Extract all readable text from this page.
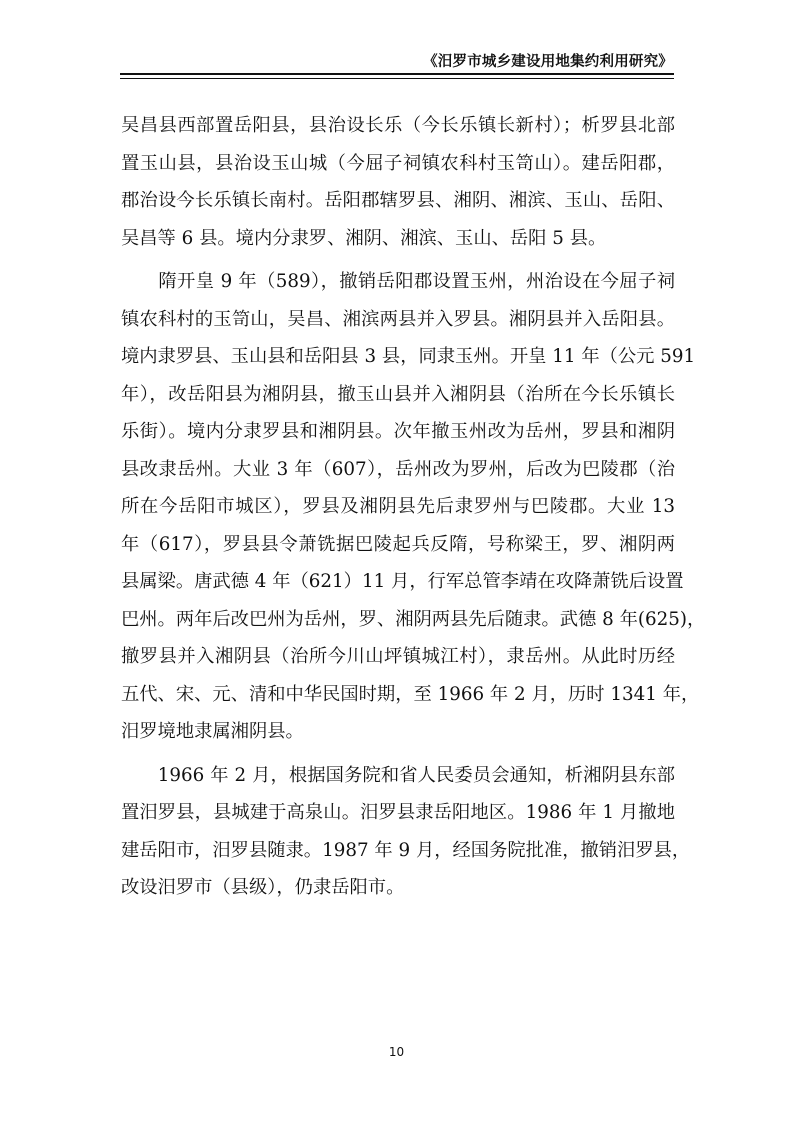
《汨罗市城乡建设用地集约利用研究》
吴昌县西部置岳阳县，县治设长乐（今长乐镇长新村）；析罗县北部
置玉山县，县治设玉山城（今屈子祠镇农科村玉笥山）。建岳阳郡，
郡治设今长乐镇长南村。岳阳郡辖罗县、湘阴、湘滨、玉山、岳阳、
吴昌等 6 县。境内分隶罗、湘阴、湘滨、玉山、岳阳 5 县。
　　隋开皇 9 年（589），撤销岳阳郡设置玉州，州治设在今屈子祠
镇农科村的玉笥山，吴昌、湘滨两县并入罗县。湘阴县并入岳阳县。
境内隶罗县、玉山县和岳阳县 3 县，同隶玉州。开皇 11 年（公元 591
年），改岳阳县为湘阴县，撤玉山县并入湘阴县（治所在今长乐镇长
乐街）。境内分隶罗县和湘阴县。次年撤玉州改为岳州，罗县和湘阴
县改隶岳州。大业 3 年（607），岳州改为罗州，后改为巴陵郡（治
所在今岳阳市城区），罗县及湘阴县先后隶罗州与巴陵郡。大业 13
年（617），罗县县令萧铣据巴陵起兵反隋，号称梁王，罗、湘阴两
县属梁。唐武德 4 年（621）11 月，行军总管李靖在攻降萧铣后设置
巴州。两年后改巴州为岳州，罗、湘阴两县先后随隶。武德 8 年(625)，
撤罗县并入湘阴县（治所今川山坪镇城江村），隶岳州。从此时历经
五代、宋、元、清和中华民国时期，至 1966 年 2 月，历时 1341 年，
汨罗境地隶属湘阴县。
　　1966 年 2 月，根据国务院和省人民委员会通知，析湘阴县东部
置汨罗县，县城建于高泉山。汨罗县隶岳阳地区。1986 年 1 月撤地
建岳阳市，汨罗县随隶。1987 年 9 月，经国务院批准，撤销汨罗县，
改设汨罗市（县级），仍隶岳阳市。
10
